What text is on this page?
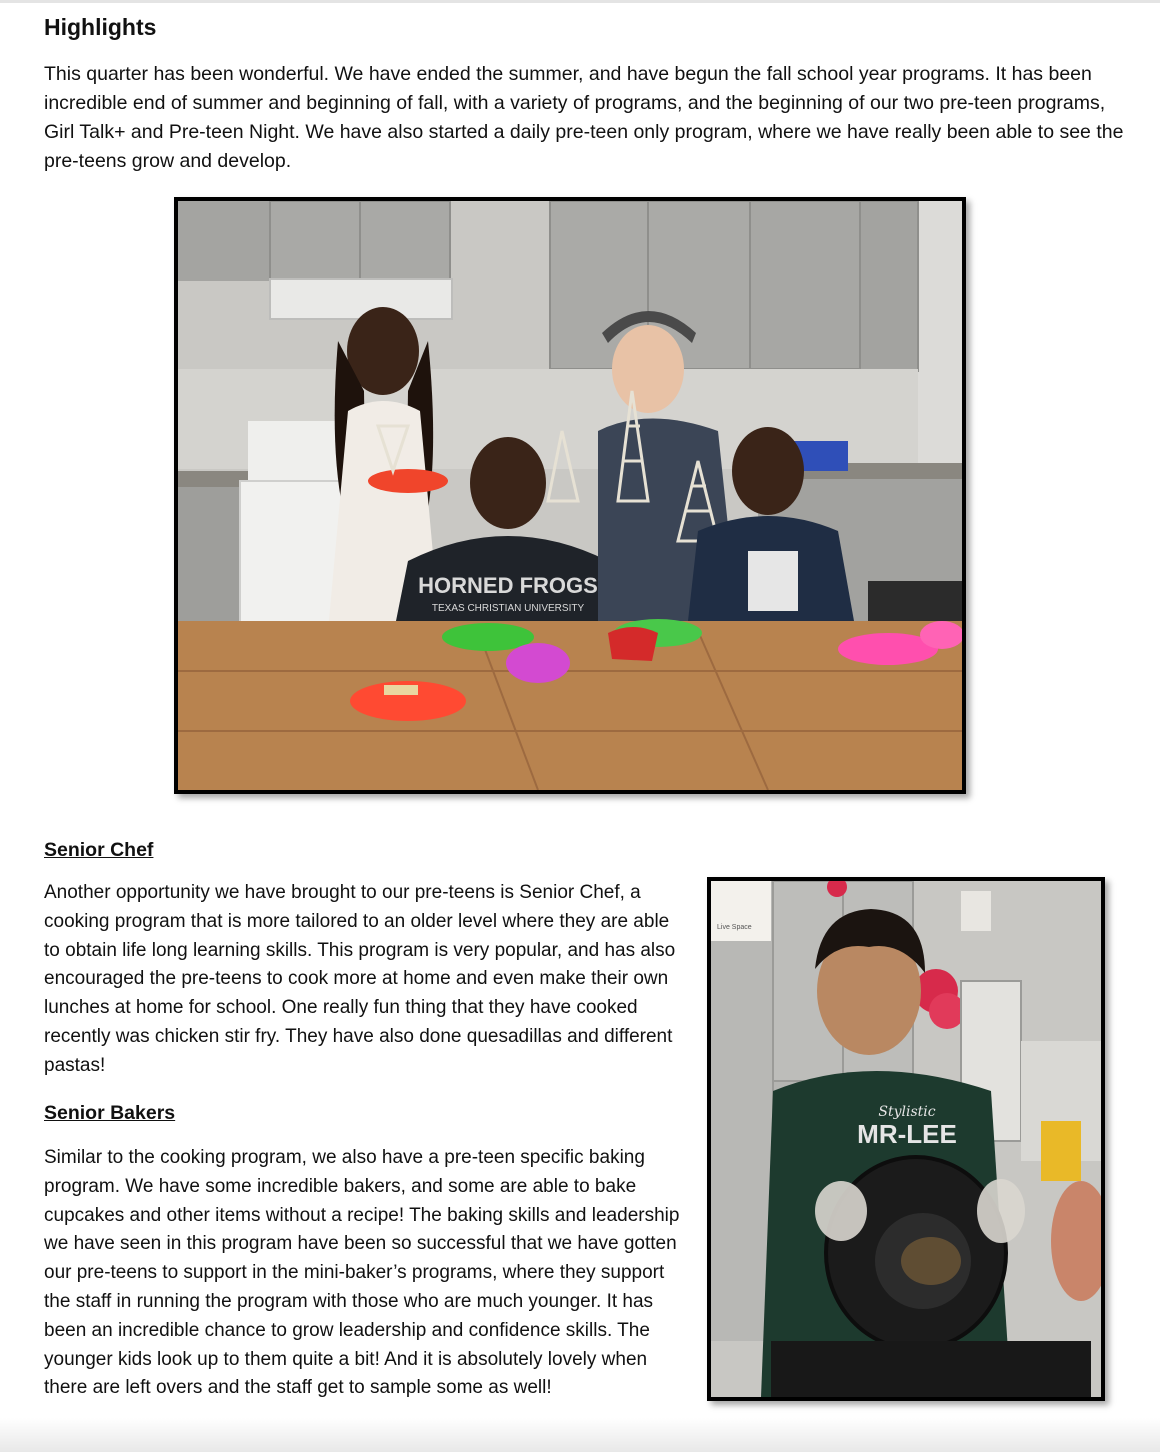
Highlights

This quarter has been wonderful. We have ended the summer, and have begun the fall school year programs. It has been incredible end of summer and beginning of fall, with a variety of programs, and the beginning of our two pre-teen programs, Girl Talk+ and Pre-teen Night. We have also started a daily pre-teen only program, where we have really been able to see the pre-teens grow and develop.

HORNED FROGS
TEXAS CHRISTIAN UNIVERSITY
Senior Chef

Another opportunity we have brought to our pre-teens is Senior Chef, a cooking program that is more tailored to an older level where they are able to obtain life long learning skills. This program is very popular, and has also encouraged the pre-teens to cook more at home and even make their own lunches at home for school. One really fun thing that they have cooked recently was chicken stir fry. They have also done quesadillas and different pastas!

Senior Bakers

Similar to the cooking program, we also have a pre-teen specific baking program. We have some incredible bakers, and some are able to bake cupcakes and other items without a recipe! The baking skills and leadership we have seen in this program have been so successful that we have gotten our pre-teens to support in the mini-baker’s programs, where they support the staff in running the program with those who are much younger. It has been an incredible chance to grow leadership and confidence skills. The younger kids look up to them quite a bit! And it is absolutely lovely when there are left overs and the staff get to sample some as well!

Live Space
Stylistic
MR-LEE
